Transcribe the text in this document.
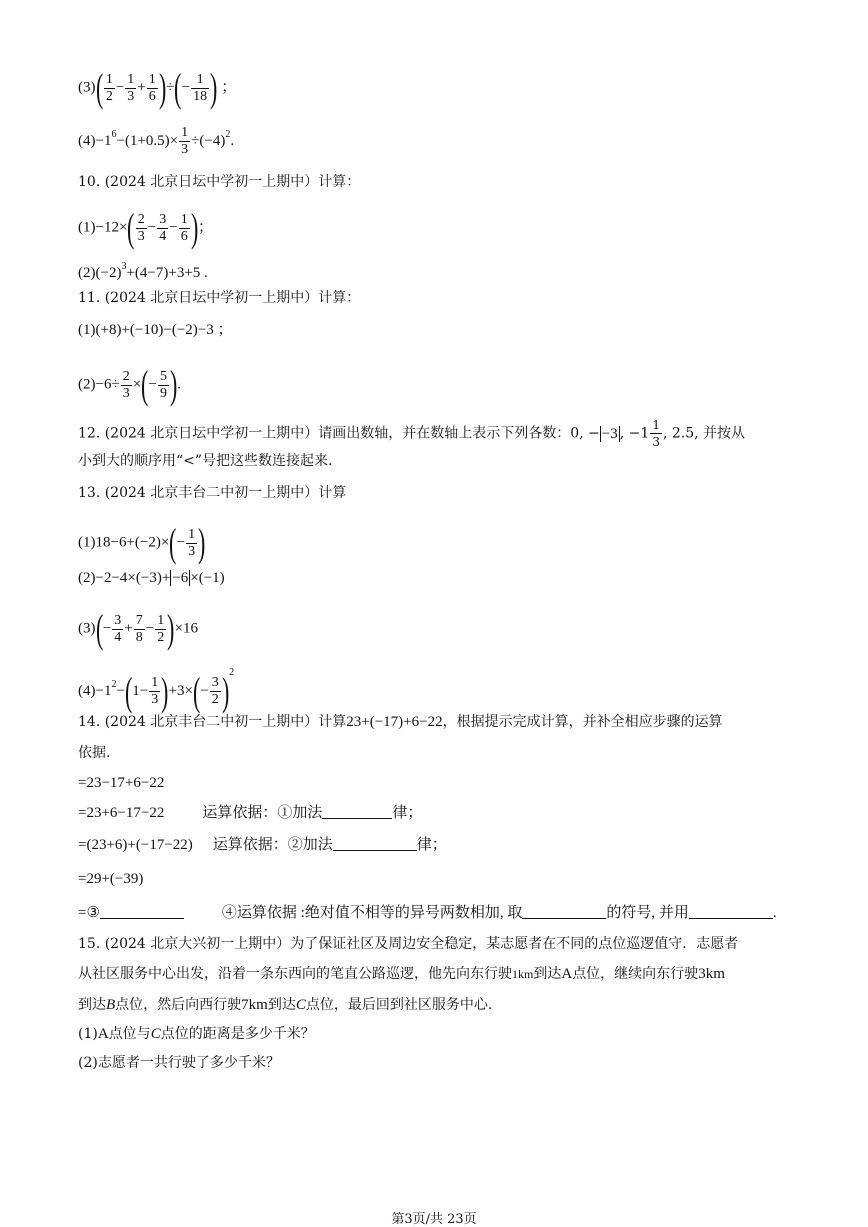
$(3)( \frac{1}{2} - \frac{1}{3} + \frac{1}{6}$ )÷(− $\frac{1}{18}$ ) ；
$(4)-1^6-(1+0.5)\times \frac{1}{3} \div(-4)^2$.
10. (2024 北京日坛中学初一上期中）计算：
$(1)-12\times( \frac{2}{3} - \frac{3}{4} - \frac{1}{6}$ )；
$(2)(-2)^3+(4-7)+3+5$ .
11. (2024 北京日坛中学初一上期中）计算：
(1)(+8)+(−10)−(−2)−3 ；
$(2)-6\div \frac{2}{3}$ ×(− $\frac{5}{9}$ ).
12. (2024 北京日坛中学初一上期中）请画出数轴，并在数轴上表示下列各数：0, − −3 , $-1 \frac{1}{3}$ , 2.5, 并按从
小到大的顺序用“<”号把这些数连接起来.
13. (2024 北京丰台二中初一上期中）计算
$(1)18-6+(-2)\times(- \frac{1}{3}$ )
(2)−2−4×(−3)+ −6 ×(−1)
$(3)(- \frac{3}{4} + \frac{7}{8} - \frac{1}{2} )\times 16$
$(4)-1^2-(1- \frac{1}{3} )+3\times(- \frac{3}{2} )^2$
14. (2024 北京丰台二中初一上期中）计算23+(−17)+6−22，根据提示完成计算，并补全相应步骤的运算
依据.
=23−17+6−22
=23+6−17−22	运算依据：①加法	律；
=(23+6)+(−17−22) 运算依据：②加法	律；
=29+(−39)
=③	④运算依据 :绝对值不相等的异号两数相加, 取	的符号, 并用	.
15. (2024 北京大兴初一上期中）为了保证社区及周边安全稳定，某志愿者在不同的点位巡逻值守．志愿者
从社区服务中心出发，沿着一条东西向的笔直公路巡逻，他先向东行驶1km到达A点位，继续向东行驶3km
到达B点位，然后向西行驶7km到达C点位，最后回到社区服务中心.
(1)A点位与C点位的距离是多少千米？
(2)志愿者一共行驶了多少千米？
第3页/共 23页
